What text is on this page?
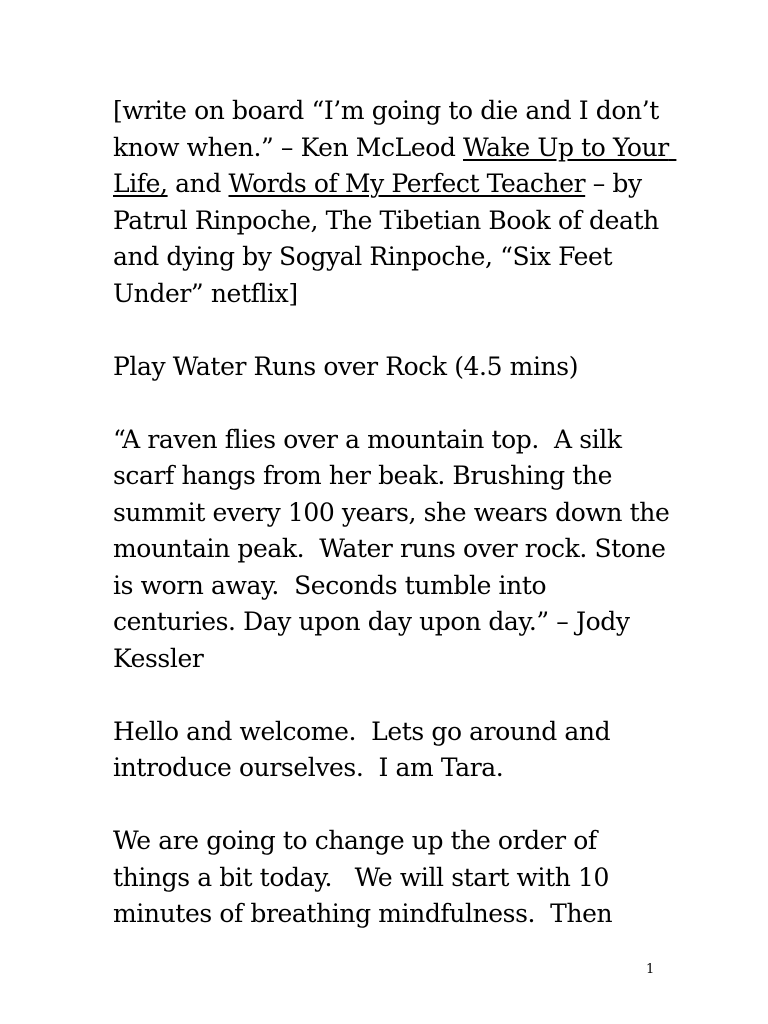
[write on board “I’m going to die and I don’t know when.” – Ken McLeod Wake Up to Your Life, and Words of My Perfect Teacher – by Patrul Rinpoche, The Tibetian Book of death and dying by Sogyal Rinpoche, “Six Feet Under” netflix]

Play Water Runs over Rock (4.5 mins)

“A raven flies over a mountain top.  A silk scarf hangs from her beak. Brushing the summit every 100 years, she wears down the mountain peak.  Water runs over rock. Stone is worn away.  Seconds tumble into centuries. Day upon day upon day.” – Jody Kessler

Hello and welcome.  Lets go around and introduce ourselves.  I am Tara.

We are going to change up the order of things a bit today.   We will start with 10 minutes of breathing mindfulness.  Then

1
